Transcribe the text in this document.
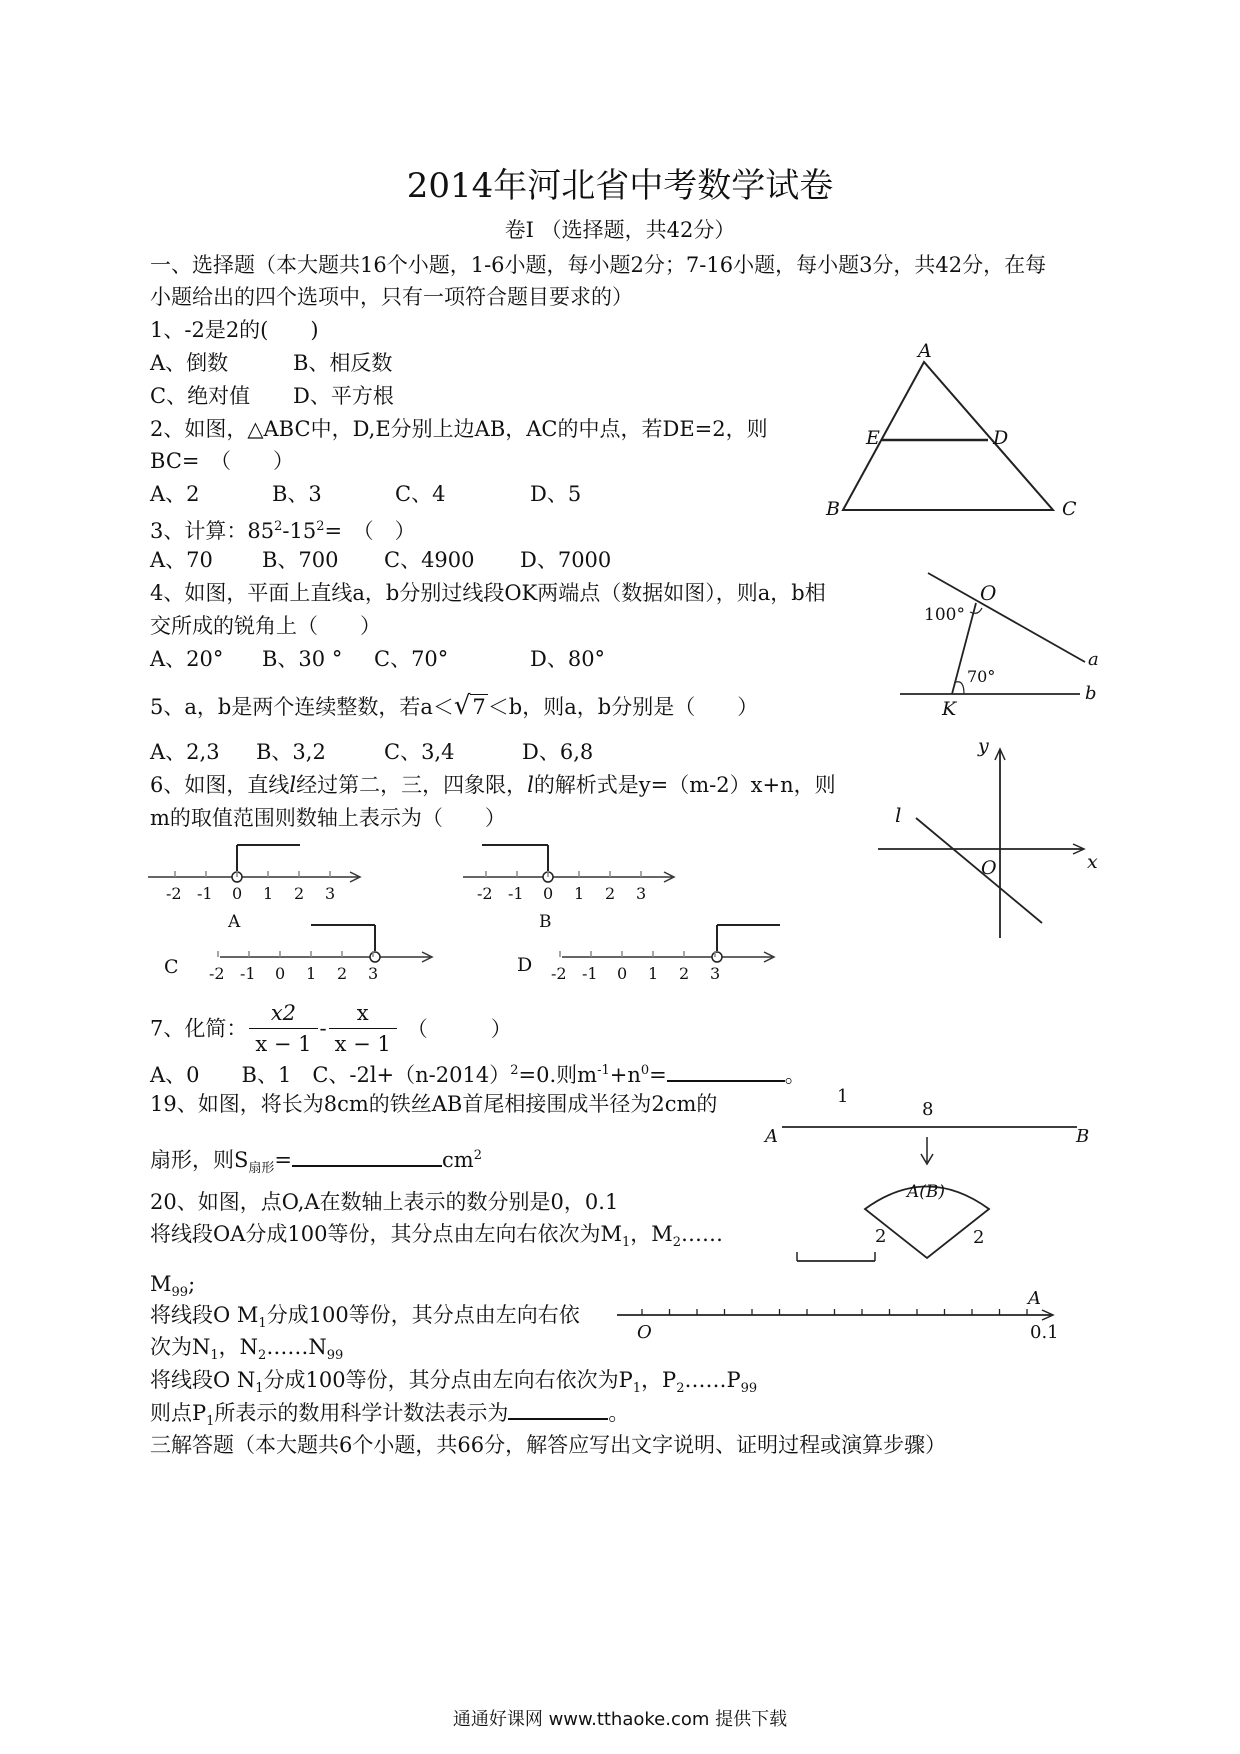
2014年河北省中考数学试卷
卷I （选择题，共42分）
一、选择题（本大题共16个小题，1-6小题，每小题2分；7-16小题，每小题3分，共42分，在每
小题给出的四个选项中，只有一项符合题目要求的）
1、-2是2的(　　)
A、倒数	B、相反数
C、绝对值 D、平方根
2、如图，△ABC中，D,E分别上边AB，AC的中点，若DE=2，则
BC=　（　　）
A、2	B、3	C、4	D、5
3、计算：$85^2-15^2=$　（　）
A、70 B、700 C、4900 D、7000
4、如图，平面上直线a，b分别过线段OK两端点（数据如图），则a，b相
交所成的锐角上（　　）
A、20° B、30 ° C、70°	D、80°
5、a，b是两个连续整数，若a＜√7＜b，则a，b分别是（　　）
A、2,3 B、3,2	C、3,4	D、6,8
6、如图，直线l经过第二，三，四象限，l的解析式是y=（m-2）x+n，则
m的取值范围则数轴上表示为（　　）
-2 -1 0 1 2 3	-2 -1 0 1 2 3
-2 -1 0 1 2 3	-2 -1 0 1 2 3
A	B
C	D
7、化简： $\frac{x2}{x - 1} - \frac{x}{x - 1}$ （　　　）
A、0　　B、1　C、$-2l+(n-2014)^2=0$.则$m^{-1}+n^0=$	。
19、如图，将长为8cm的铁丝AB首尾相接围成半径为2cm的
扇形，则$S_{扇形}=$	$cm^2$
20、如图，点O,A在数轴上表示的数分别是0，0.1
将线段OA分成100等份，其分点由左向右依次为$M_1$，$M_2\dots\dots$
$M_{99}$;
将线段O $M_1$分成100等份，其分点由左向右依
次为$N_1$，$N_2\dots\dots N_{99}$
将线段O $N_1$分成100等份，其分点由左向右依次为$P_1$，$P_2\dots\dots P_{99}$
则点$P_1$所表示的数用科学计数法表示为	。
三解答题（本大题共6个小题，共66分，解答应写出文字说明、证明过程或演算步骤）
A
E	D
B	C
O
K
a
b
100°
70°
y
x
O
l
1
8
A	B
A(B)
2	2
O
A
0.1
通通好课网 www.tthaoke.com 提供下载
